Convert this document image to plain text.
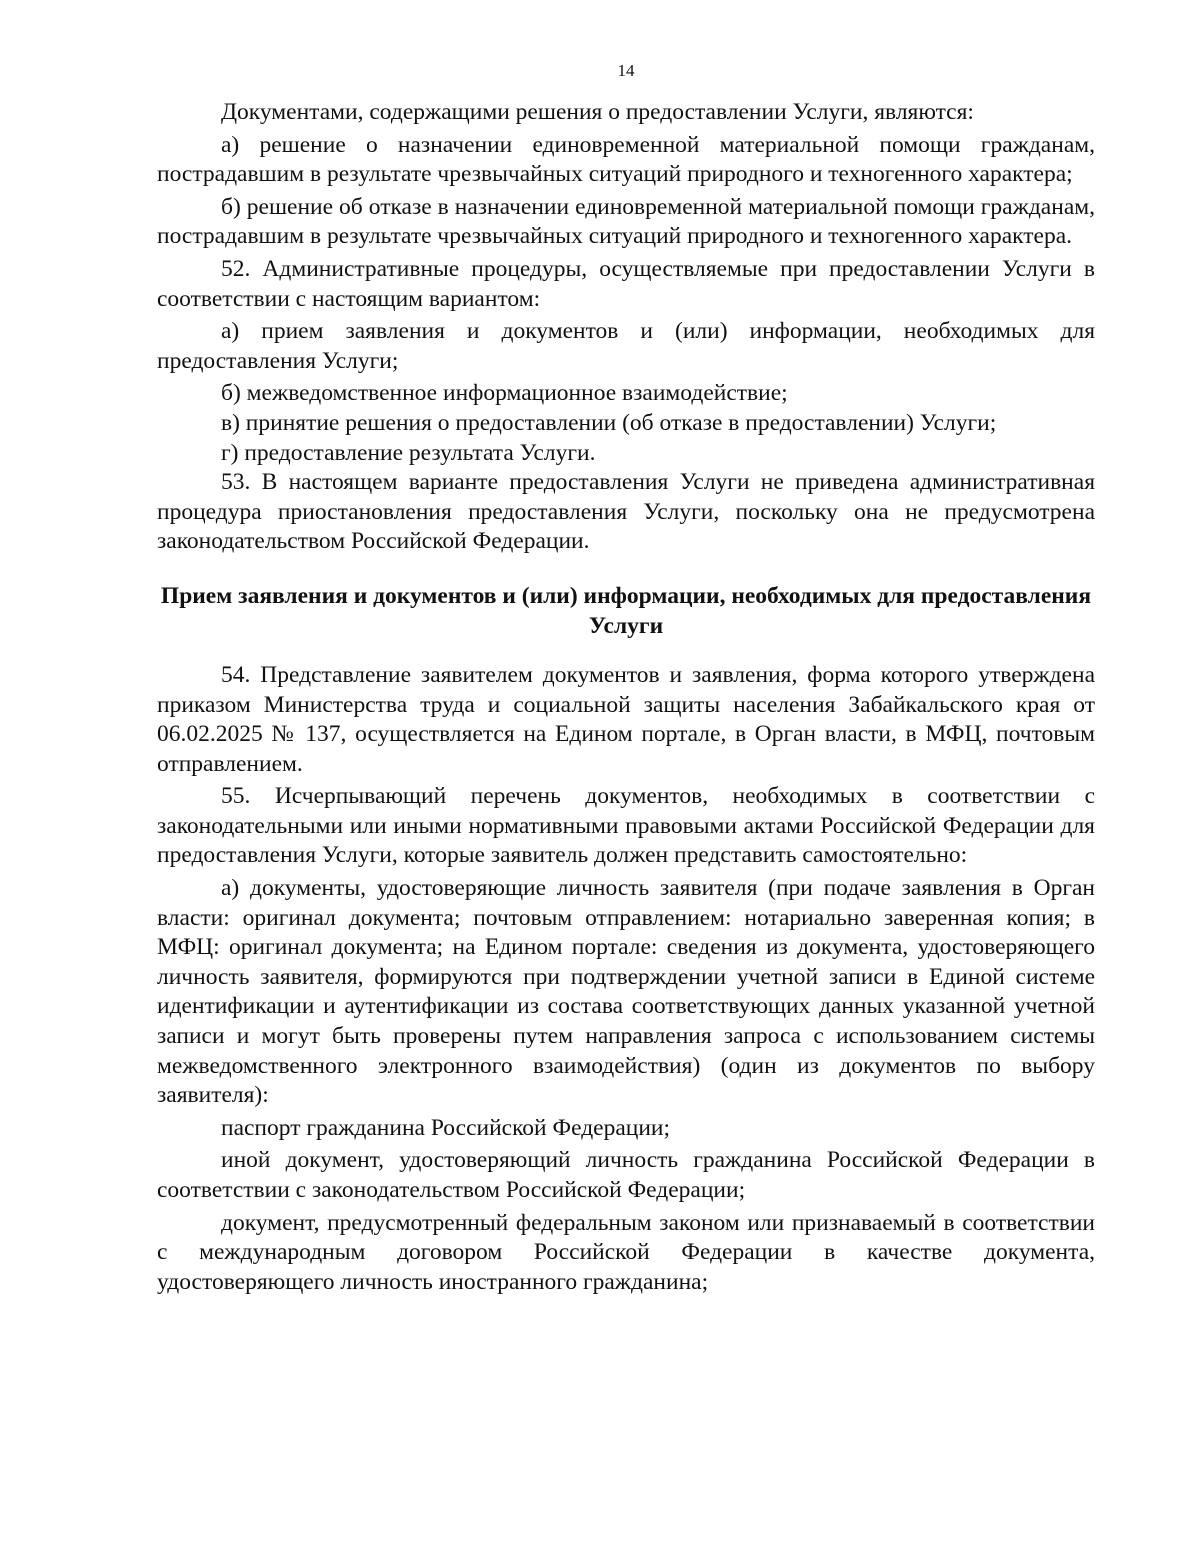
14

Документами, содержащими решения о предоставлении Услуги, являются:

а) решение о назначении единовременной материальной помощи гражданам, пострадавшим в результате чрезвычайных ситуаций природного и техногенного характера;

б) решение об отказе в назначении единовременной материальной помощи гражданам, пострадавшим в результате чрезвычайных ситуаций природного и техногенного характера.

52. Административные процедуры, осуществляемые при предоставлении Услуги в соответствии с настоящим вариантом:

а) прием заявления и документов и (или) информации, необходимых для предоставления Услуги;

б) межведомственное информационное взаимодействие;

в) принятие решения о предоставлении (об отказе в предоставлении) Услуги;

г) предоставление результата Услуги.

53. В настоящем варианте предоставления Услуги не приведена административная процедура приостановления предоставления Услуги, поскольку она не предусмотрена законодательством Российской Федерации.

Прием заявления и документов и (или) информации, необходимых для предоставления Услуги

54. Представление заявителем документов и заявления, форма которого утверждена приказом Министерства труда и социальной защиты населения Забайкальского края от 06.02.2025 № 137, осуществляется на Едином портале, в Орган власти, в МФЦ, почтовым отправлением.

55. Исчерпывающий перечень документов, необходимых в соответствии с законодательными или иными нормативными правовыми актами Российской Федерации для предоставления Услуги, которые заявитель должен представить самостоятельно:

а) документы, удостоверяющие личность заявителя (при подаче заявления в Орган власти: оригинал документа; почтовым отправлением: нотариально заверенная копия; в МФЦ: оригинал документа; на Едином портале: сведения из документа, удостоверяющего личность заявителя, формируются при подтверждении учетной записи в Единой системе идентификации и аутентификации из состава соответствующих данных указанной учетной записи и могут быть проверены путем направления запроса с использованием системы межведомственного электронного взаимодействия) (один из документов по выбору заявителя):

паспорт гражданина Российской Федерации;

иной документ, удостоверяющий личность гражданина Российской Федерации в соответствии с законодательством Российской Федерации;

документ, предусмотренный федеральным законом или признаваемый в соответствии с международным договором Российской Федерации в качестве документа, удостоверяющего личность иностранного гражданина;
